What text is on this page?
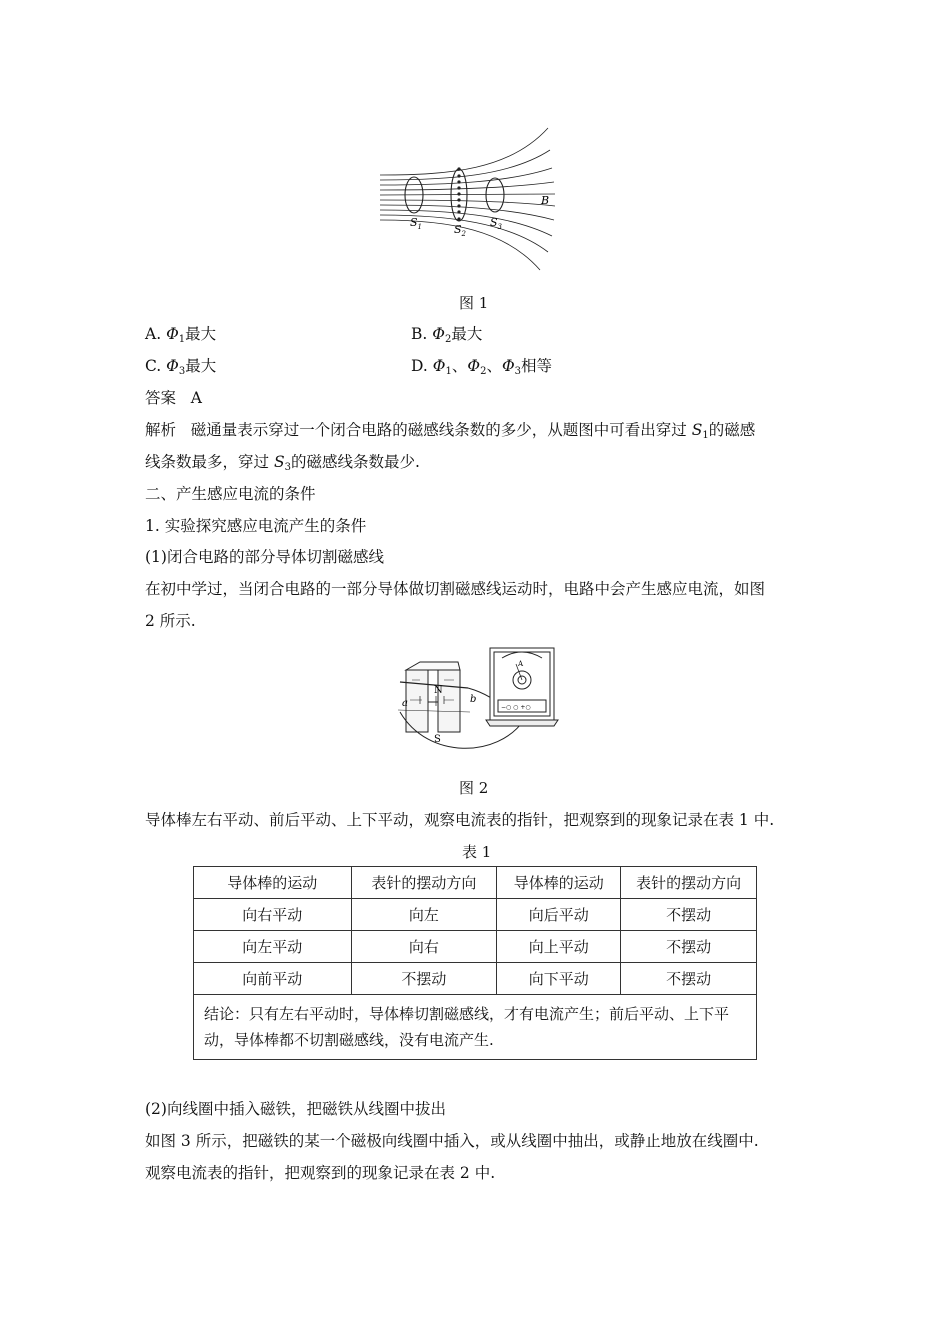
$S_1$	$S_2$
$S_3$
B
图 1
A. $\Phi_1$最大	B. $\Phi_2$最大
C. $\Phi_3$最大	D. $\Phi_1$、$\Phi_2$、$\Phi_3$相等
答案 A
解析 磁通量表示穿过一个闭合电路的磁感线条数的多少，从题图中可看出穿过 $S_1$的磁感
线条数最多，穿过 $S_3$的磁感线条数最少.
二、产生感应电流的条件
1. 实验探究感应电流产生的条件
(1)闭合电路的部分导体切割磁感线
在初中学过，当闭合电路的一部分导体做切割磁感线运动时，电路中会产生感应电流，如图
2 所示.
N
S
a	b
A
−○ ○ +○
图 2
导体棒左右平动、前后平动、上下平动，观察电流表的指针，把观察到的现象记录在表 1 中.
表 1
导体棒的运动	表针的摆动方向	导体棒的运动	表针的摆动方向
向右平动	向左	向后平动	不摆动
向左平动	向右	向上平动	不摆动
向前平动	不摆动	向下平动	不摆动
结论：只有左右平动时，导体棒切割磁感线，才有电流产生；前后平动、上下平动，导体棒都不切割磁感线，没有电流产生.			
(2)向线圈中插入磁铁，把磁铁从线圈中拔出
如图 3 所示，把磁铁的某一个磁极向线圈中插入，或从线圈中抽出，或静止地放在线圈中.
观察电流表的指针，把观察到的现象记录在表 2 中.
